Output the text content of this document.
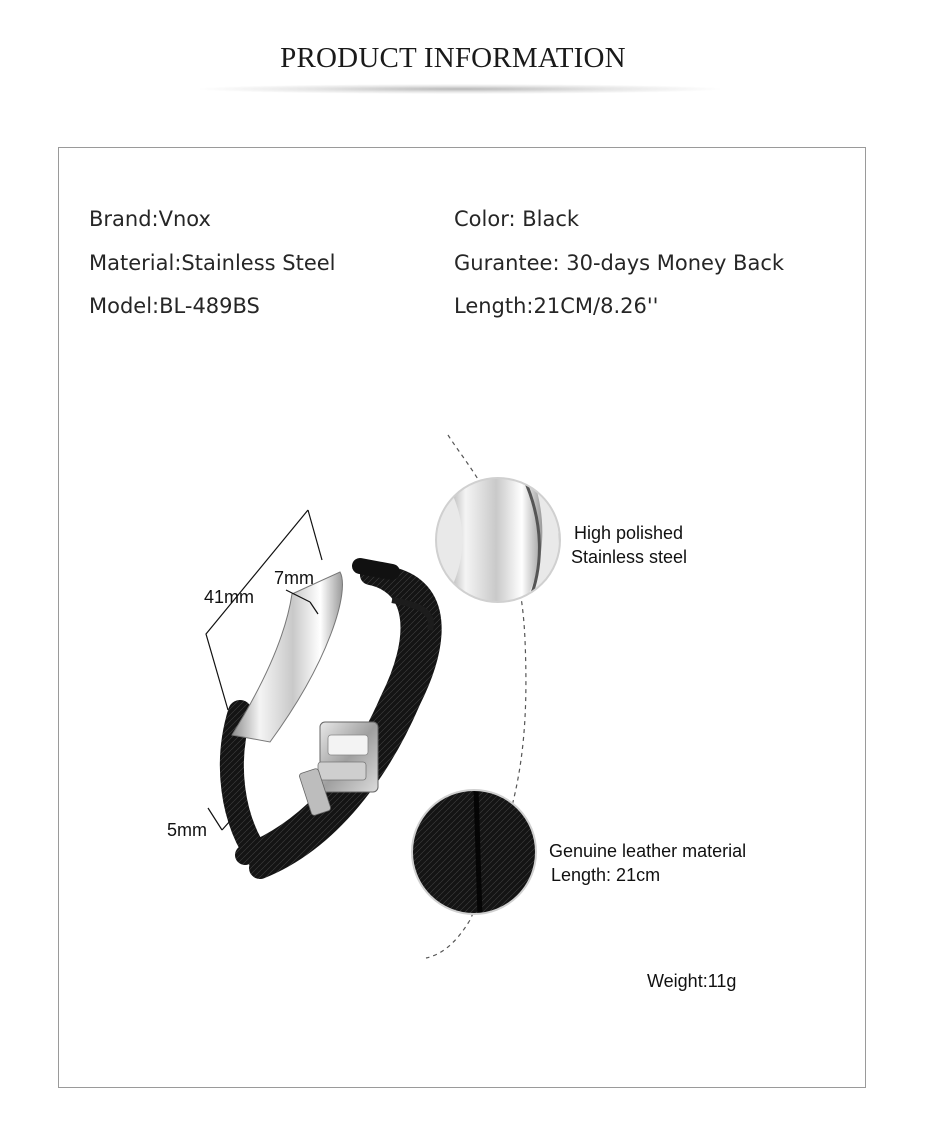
PRODUCT INFORMATION
Brand:Vnox
Material:Stainless Steel
Model:BL-489BS
Color: Black
Gurantee: 30-days Money Back
Length:21CM/8.26''
41mm
7mm
5mm
High polished
Stainless steel
Genuine leather material
Length: 21cm
Weight:11g
